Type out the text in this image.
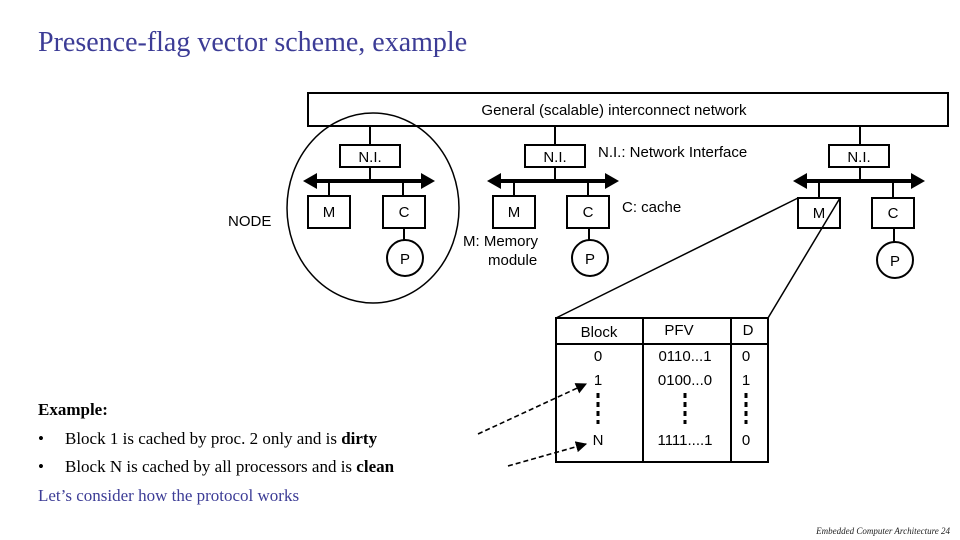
Presence-flag vector scheme, example
General (scalable) interconnect network
NODE
N.I.
M	C
P
N.I.
M	C
P
N.I.
M	C
P
N.I.: Network Interface
C: cache
M: Memory
module
Block	PFV	D
0	0110...1 0
1	0100...0 1
N	1111....1 0
Example:
•	Block 1 is cached by proc. 2 only and is dirty
•	Block N is cached by all processors and is clean
Let’s consider how the protocol works
Embedded Computer Architecture 24
